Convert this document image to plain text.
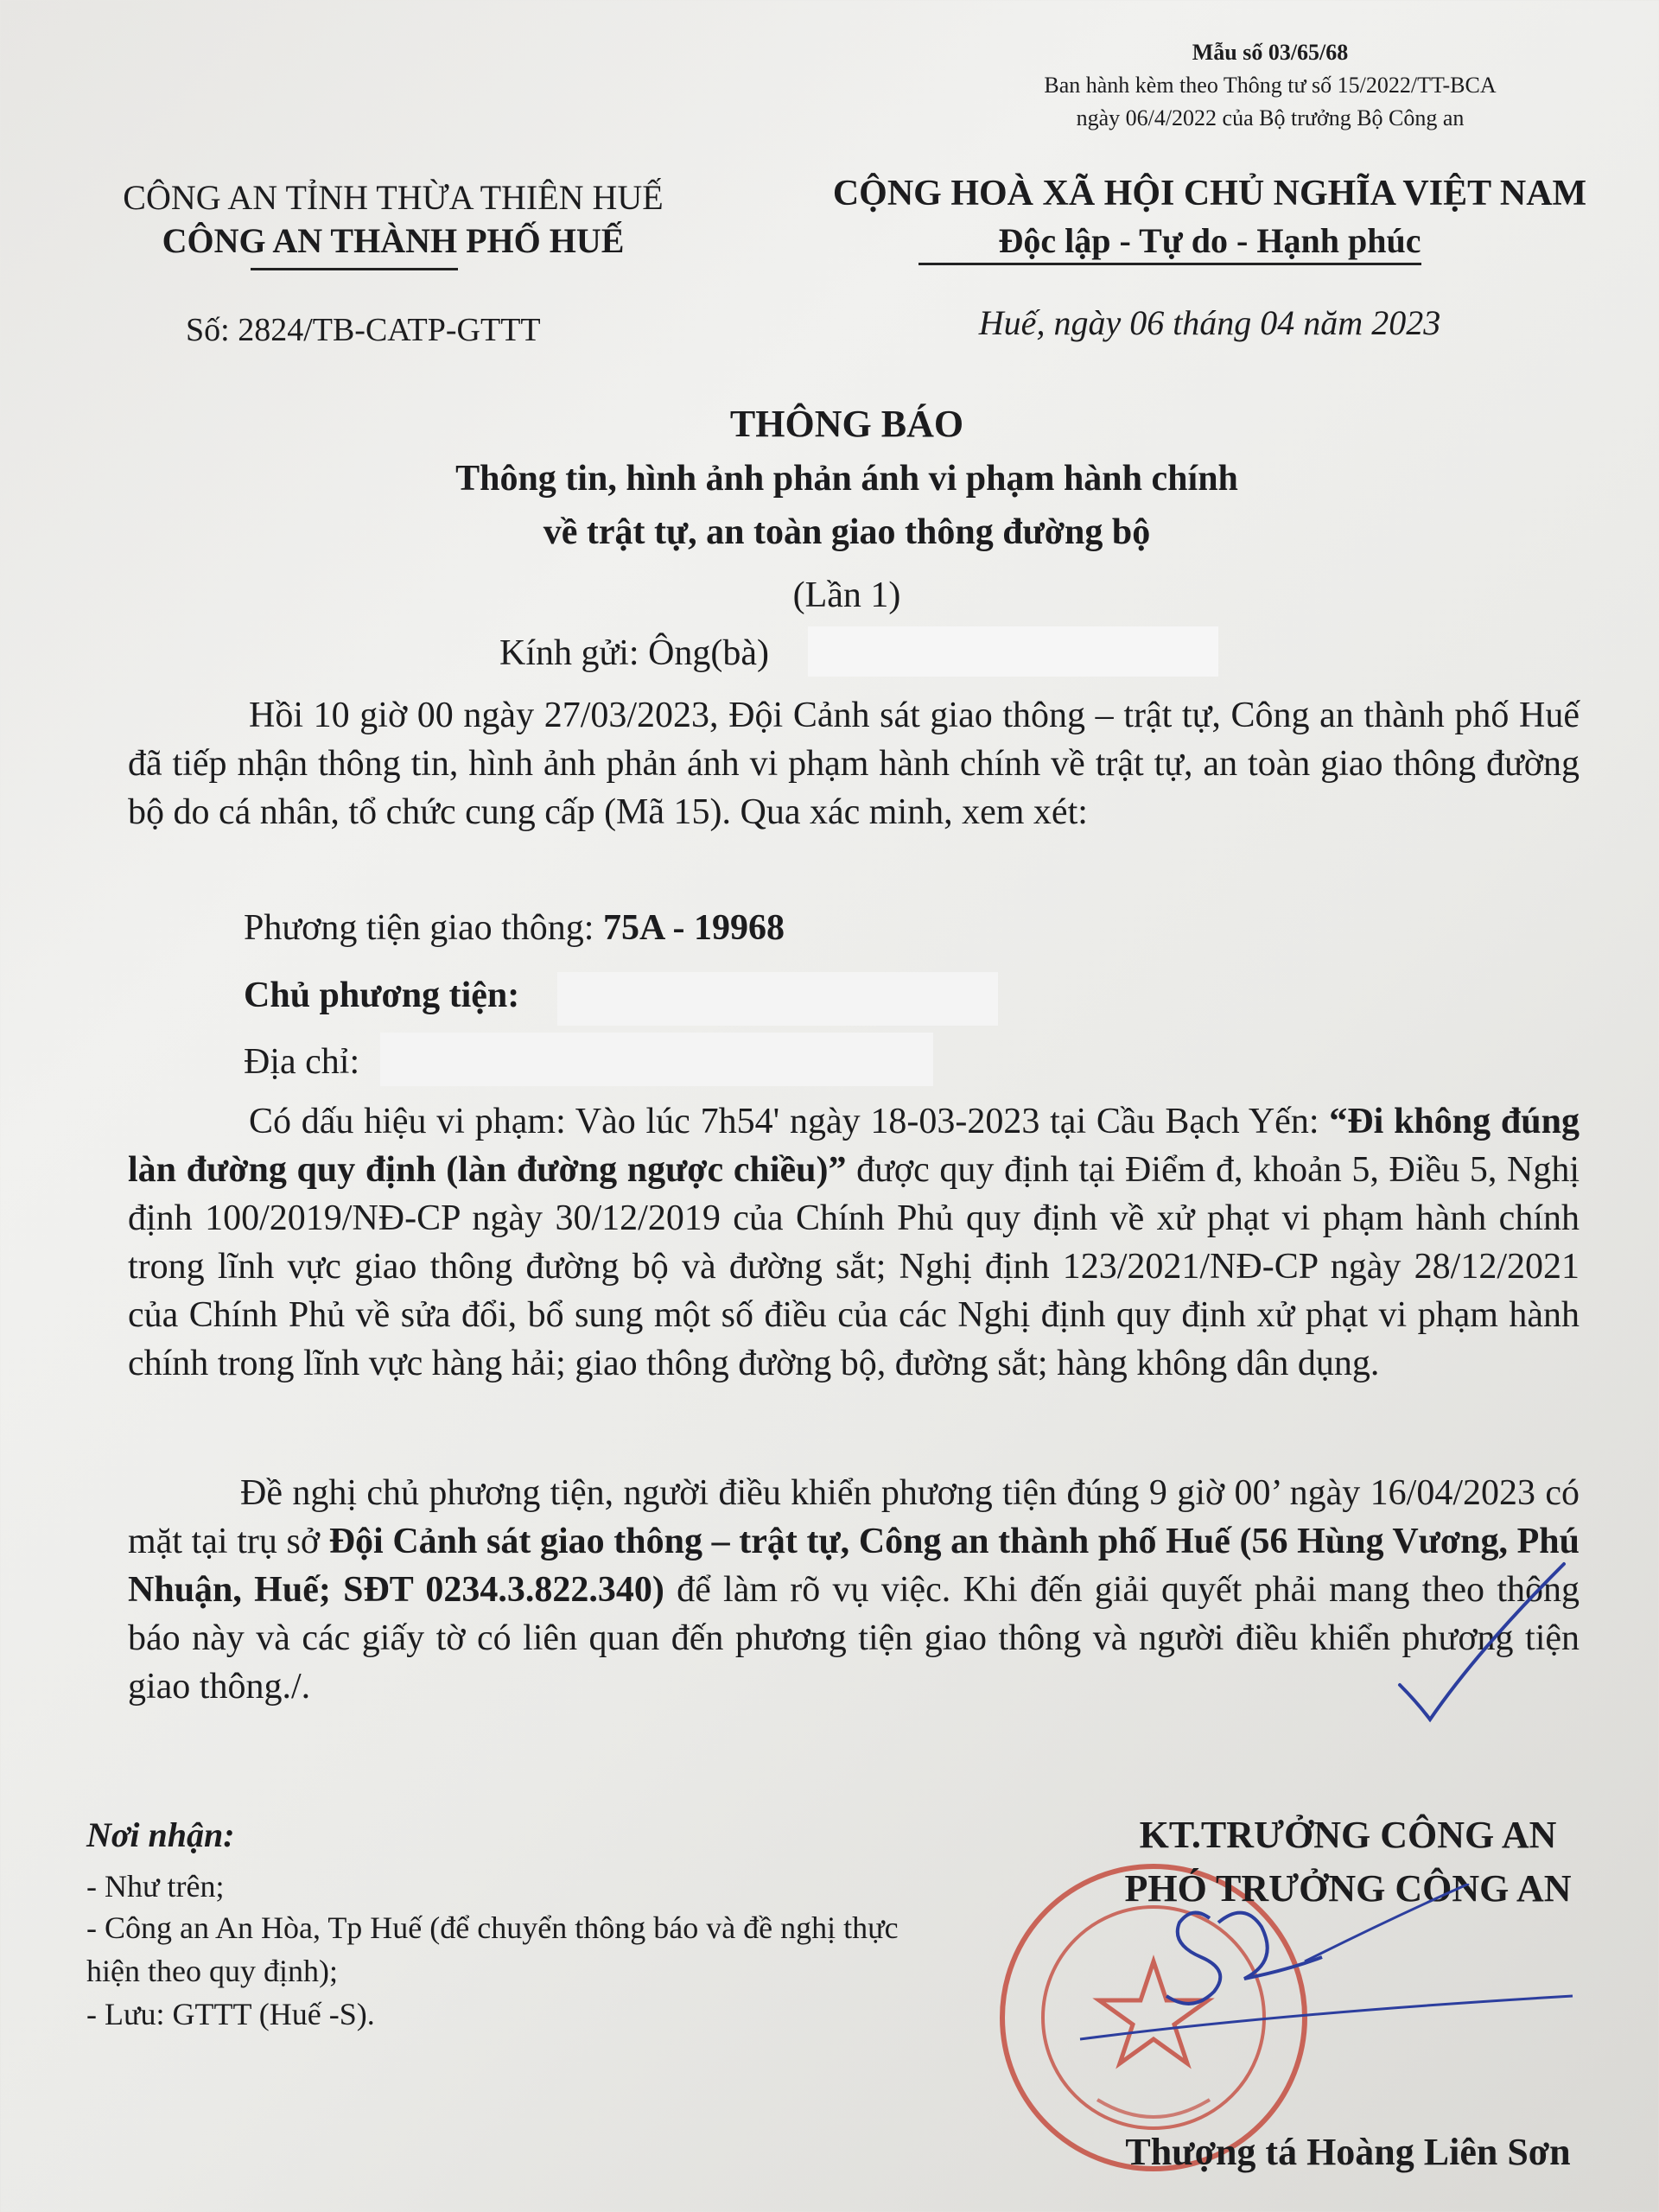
Mẫu số 03/65/68
Ban hành kèm theo Thông tư số 15/2022/TT-BCA
ngày 06/4/2022 của Bộ trưởng Bộ Công an
CÔNG AN TỈNH THỪA THIÊN HUẾ
CÔNG AN THÀNH PHỐ HUẾ
Số: 2824/TB-CATP-GTTT
CỘNG HOÀ XÃ HỘI CHỦ NGHĨA VIỆT NAM
Độc lập - Tự do - Hạnh phúc
Huế, ngày 06 tháng 04 năm 2023
THÔNG BÁO
Thông tin, hình ảnh phản ánh vi phạm hành chính
về trật tự, an toàn giao thông đường bộ
(Lần 1)
Kính gửi: Ông(bà)
Hồi 10 giờ 00 ngày 27/03/2023, Đội Cảnh sát giao thông – trật tự, Công an thành phố Huế đã tiếp nhận thông tin, hình ảnh phản ánh vi phạm hành chính về trật tự, an toàn giao thông đường bộ do cá nhân, tổ chức cung cấp (Mã 15). Qua xác minh, xem xét:
Phương tiện giao thông: 75A - 19968
Chủ phương tiện:
Địa chỉ:
Có dấu hiệu vi phạm: Vào lúc 7h54' ngày 18-03-2023 tại Cầu Bạch Yến: “Đi không đúng làn đường quy định (làn đường ngược chiều)” được quy định tại Điểm đ, khoản 5, Điều 5, Nghị định 100/2019/NĐ-CP ngày 30/12/2019 của Chính Phủ quy định về xử phạt vi phạm hành chính trong lĩnh vực giao thông đường bộ và đường sắt; Nghị định 123/2021/NĐ-CP ngày 28/12/2021 của Chính Phủ về sửa đổi, bổ sung một số điều của các Nghị định quy định xử phạt vi phạm hành chính trong lĩnh vực hàng hải; giao thông đường bộ, đường sắt; hàng không dân dụng.
Đề nghị chủ phương tiện, người điều khiển phương tiện đúng 9 giờ 00’ ngày 16/04/2023 có mặt tại trụ sở Đội Cảnh sát giao thông – trật tự, Công an thành phố Huế (56 Hùng Vương, Phú Nhuận, Huế; SĐT 0234.3.822.340) để làm rõ vụ việc. Khi đến giải quyết phải mang theo thông báo này và các giấy tờ có liên quan đến phương tiện giao thông và người điều khiển phương tiện giao thông./.
Nơi nhận:
- Như trên;
- Công an An Hòa, Tp Huế (để chuyển thông báo và đề nghị thực hiện theo quy định);
- Lưu: GTTT (Huế -S).
KT.TRƯỞNG CÔNG AN
PHÓ TRƯỞNG CÔNG AN
Thượng tá Hoàng Liên Sơn
